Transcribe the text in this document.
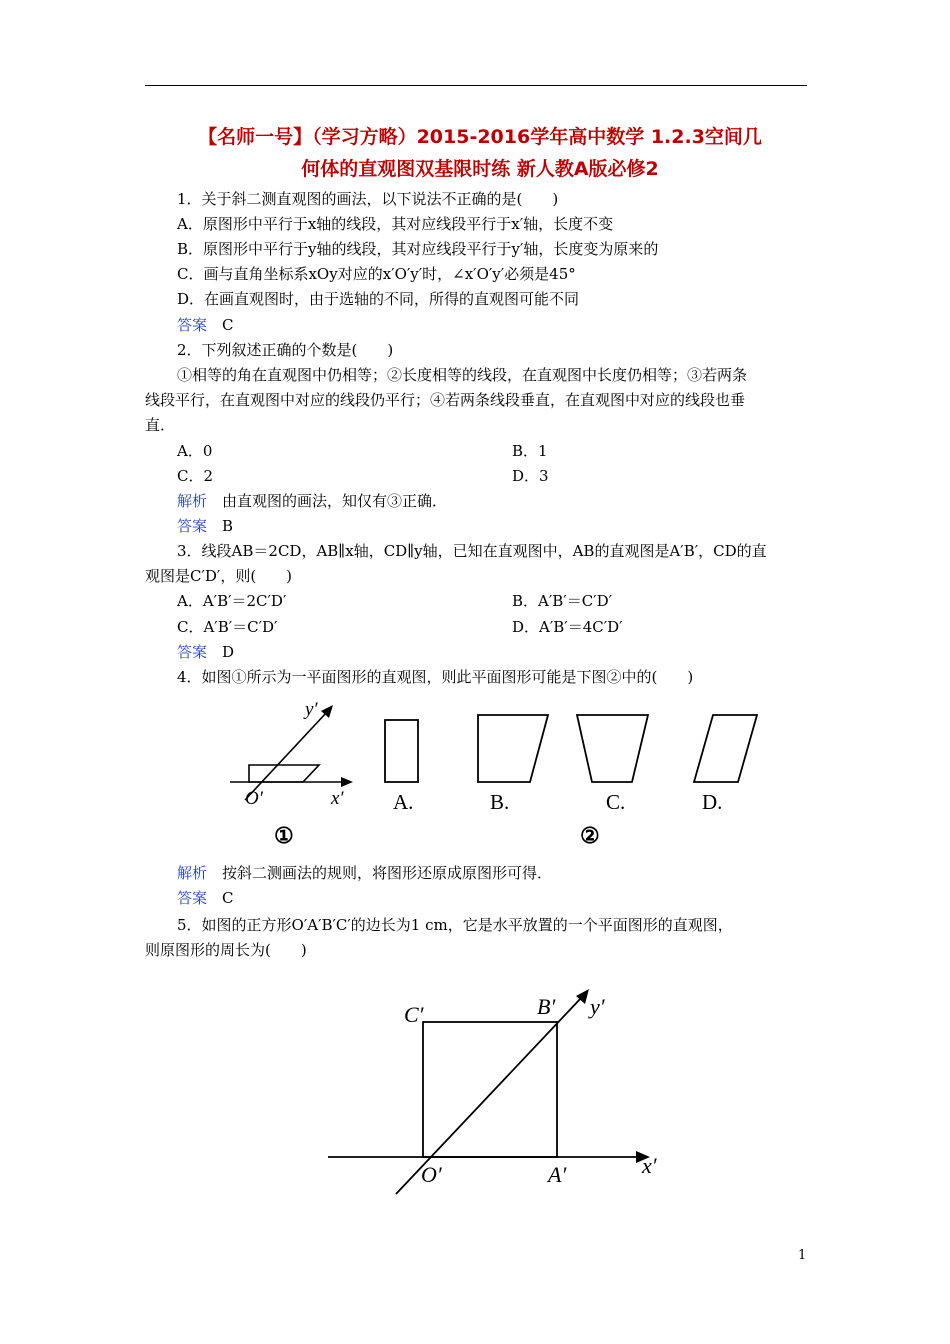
【名师一号】（学习方略）2015-2016学年高中数学 1.2.3空间几
何体的直观图双基限时练 新人教A版必修2
1．关于斜二测直观图的画法，以下说法不正确的是(　　)
A．原图形中平行于x轴的线段，其对应线段平行于x′轴，长度不变
B．原图形中平行于y轴的线段，其对应线段平行于y′轴，长度变为原来的
C．画与直角坐标系xOy对应的x′O′y′时，∠x′O′y′必须是45°
D．在画直观图时，由于选轴的不同，所得的直观图可能不同
答案　 C
2．下列叙述正确的个数是(　　)
①相等的角在直观图中仍相等；②长度相等的线段，在直观图中长度仍相等；③若两条
线段平行，在直观图中对应的线段仍平行；④若两条线段垂直，在直观图中对应的线段也垂
直．
A．0	B．1
C．2	D．3
解析　 由直观图的画法，知仅有③正确．
答案　 B
3．线段AB＝2CD，AB∥x轴，CD∥y轴，已知在直观图中，AB的直观图是A′B′，CD的直
观图是C′D′，则(　　)
A．A′B′＝2C′D′	B．A′B′＝C′D′
C．A′B′＝C′D′	D．A′B′＝4C′D′
答案　 D
4．如图①所示为一平面图形的直观图，则此平面图形可能是下图②中的(　　)
y′
x′
O′	A.	B.	C.	D.
①	②
解析　 按斜二测画法的规则，将图形还原成原图形可得．
答案　 C
5．如图的正方形O′A′B′C′的边长为1 cm，它是水平放置的一个平面图形的直观图，
则原图形的周长为(　　)
C′	B′ y′
O′	A′	x′
1
